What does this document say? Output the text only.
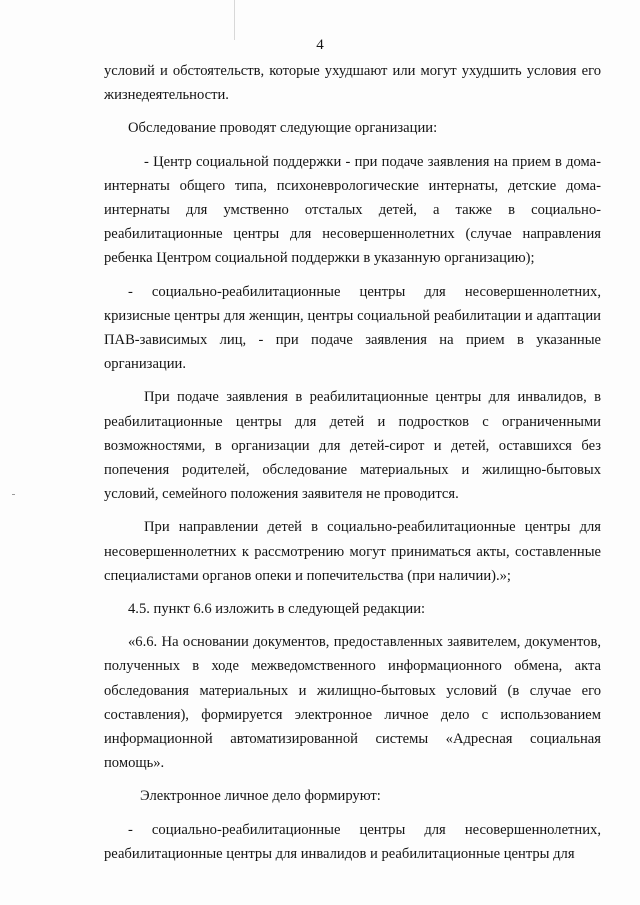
4

условий и обстоятельств, которые ухудшают или могут ухудшить условия его жизнедеятельности.

Обследование проводят следующие организации:

- Центр социальной поддержки - при подаче заявления на прием в дома-интернаты общего типа, психоневрологические интернаты, детские дома-интернаты для умственно отсталых детей, а также в социально-реабилитационные центры для несовершеннолетних (случае направления ребенка Центром социальной поддержки в указанную организацию);

- социально-реабилитационные центры для несовершеннолетних, кризисные центры для женщин, центры социальной реабилитации и адаптации ПАВ-зависимых лиц, - при подаче заявления на прием в указанные организации.

При подаче заявления в реабилитационные центры для инвалидов, в реабилитационные центры для детей и подростков с ограниченными возможностями, в организации для детей-сирот и детей, оставшихся без попечения родителей, обследование материальных и жилищно-бытовых условий, семейного положения заявителя не проводится.

При направлении детей в социально-реабилитационные центры для несовершеннолетних к рассмотрению могут приниматься акты, составленные специалистами органов опеки и попечительства (при наличии).»;

4.5. пункт 6.6 изложить в следующей редакции:

«6.6. На основании документов, предоставленных заявителем, документов, полученных в ходе межведомственного информационного обмена, акта обследования материальных и жилищно-бытовых условий (в случае его составления), формируется электронное личное дело с использованием информационной автоматизированной системы «Адресная социальная помощь».

Электронное личное дело формируют:

- социально-реабилитационные центры для несовершеннолетних, реабилитационные центры для инвалидов и реабилитационные центры для
